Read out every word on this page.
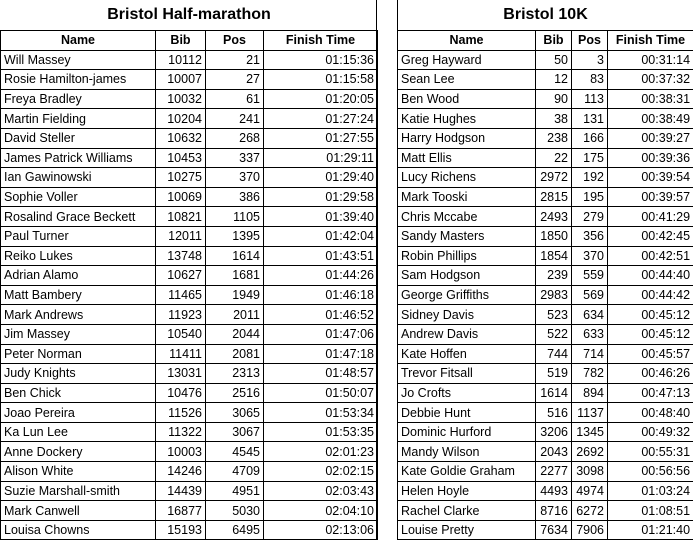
Bristol Half-marathon			
Name	Bib	Pos	Finish Time
Will Massey	10112	21	01:15:36
Rosie Hamilton-james	10007	27	01:15:58
Freya Bradley	10032	61	01:20:05
Martin Fielding	10204	241	01:27:24
David Steller	10632	268	01:27:55
James Patrick Williams	10453	337	01:29:11
Ian Gawinowski	10275	370	01:29:40
Sophie Voller	10069	386	01:29:58
Rosalind Grace Beckett	10821	1105	01:39:40
Paul Turner	12011	1395	01:42:04
Reiko Lukes	13748	1614	01:43:51
Adrian Alamo	10627	1681	01:44:26
Matt Bambery	11465	1949	01:46:18
Mark Andrews	11923	2011	01:46:52
Jim Massey	10540	2044	01:47:06
Peter Norman	11411	2081	01:47:18
Judy Knights	13031	2313	01:48:57
Ben Chick	10476	2516	01:50:07
Joao Pereira	11526	3065	01:53:34
Ka Lun Lee	11322	3067	01:53:35
Anne Dockery	10003	4545	02:01:23
Alison White	14246	4709	02:02:15
Suzie Marshall-smith	14439	4951	02:03:43
Mark Canwell	16877	5030	02:04:10
Louisa Chowns	15193	6495	02:13:06
Bristol 10K			
Name	Bib	Pos	Finish Time
Greg Hayward	50	3	00:31:14
Sean Lee	12	83	00:37:32
Ben Wood	90	113	00:38:31
Katie Hughes	38	131	00:38:49
Harry Hodgson	238	166	00:39:27
Matt Ellis	22	175	00:39:36
Lucy Richens	2972	192	00:39:54
Mark Tooski	2815	195	00:39:57
Chris Mccabe	2493	279	00:41:29
Sandy Masters	1850	356	00:42:45
Robin Phillips	1854	370	00:42:51
Sam Hodgson	239	559	00:44:40
George Griffiths	2983	569	00:44:42
Sidney Davis	523	634	00:45:12
Andrew Davis	522	633	00:45:12
Kate Hoffen	744	714	00:45:57
Trevor Fitsall	519	782	00:46:26
Jo Crofts	1614	894	00:47:13
Debbie Hunt	516	1137	00:48:40
Dominic Hurford	3206	1345	00:49:32
Mandy Wilson	2043	2692	00:55:31
Kate Goldie Graham	2277	3098	00:56:56
Helen Hoyle	4493	4974	01:03:24
Rachel Clarke	8716	6272	01:08:51
Louise Pretty	7634	7906	01:21:40
